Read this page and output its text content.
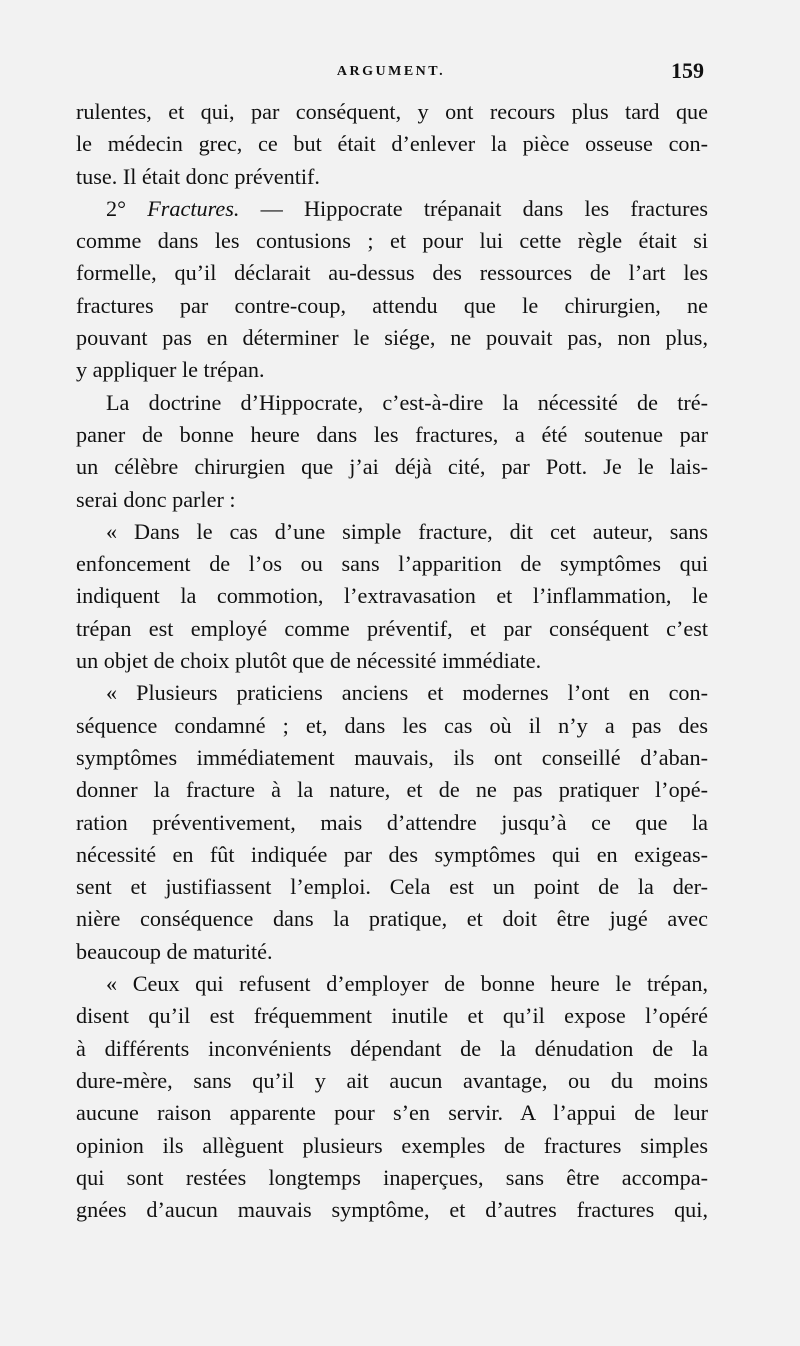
ARGUMENT.	159
rulentes, et qui, par conséquent, y ont recours plus tard que
le médecin grec, ce but était d’enlever la pièce osseuse con-
tuse. Il était donc préventif.
2° Fractures. — Hippocrate trépanait dans les fractures
comme dans les contusions ; et pour lui cette règle était si
formelle, qu’il déclarait au-dessus des ressources de l’art les
fractures par contre-coup, attendu que le chirurgien, ne
pouvant pas en déterminer le siége, ne pouvait pas, non plus,
y appliquer le trépan.
La doctrine d’Hippocrate, c’est-à-dire la nécessité de tré-
paner de bonne heure dans les fractures, a été soutenue par
un célèbre chirurgien que j’ai déjà cité, par Pott. Je le lais-
serai donc parler :
« Dans le cas d’une simple fracture, dit cet auteur, sans
enfoncement de l’os ou sans l’apparition de symptômes qui
indiquent la commotion, l’extravasation et l’inflammation, le
trépan est employé comme préventif, et par conséquent c’est
un objet de choix plutôt que de nécessité immédiate.
« Plusieurs praticiens anciens et modernes l’ont en con-
séquence condamné ; et, dans les cas où il n’y a pas des
symptômes immédiatement mauvais, ils ont conseillé d’aban-
donner la fracture à la nature, et de ne pas pratiquer l’opé-
ration préventivement, mais d’attendre jusqu’à ce que la
nécessité en fût indiquée par des symptômes qui en exigeas-
sent et justifiassent l’emploi. Cela est un point de la der-
nière conséquence dans la pratique, et doit être jugé avec
beaucoup de maturité.
« Ceux qui refusent d’employer de bonne heure le trépan,
disent qu’il est fréquemment inutile et qu’il expose l’opéré
à différents inconvénients dépendant de la dénudation de la
dure-mère, sans qu’il y ait aucun avantage, ou du moins
aucune raison apparente pour s’en servir. A l’appui de leur
opinion ils allèguent plusieurs exemples de fractures simples
qui sont restées longtemps inaperçues, sans être accompa-
gnées d’aucun mauvais symptôme, et d’autres fractures qui,
